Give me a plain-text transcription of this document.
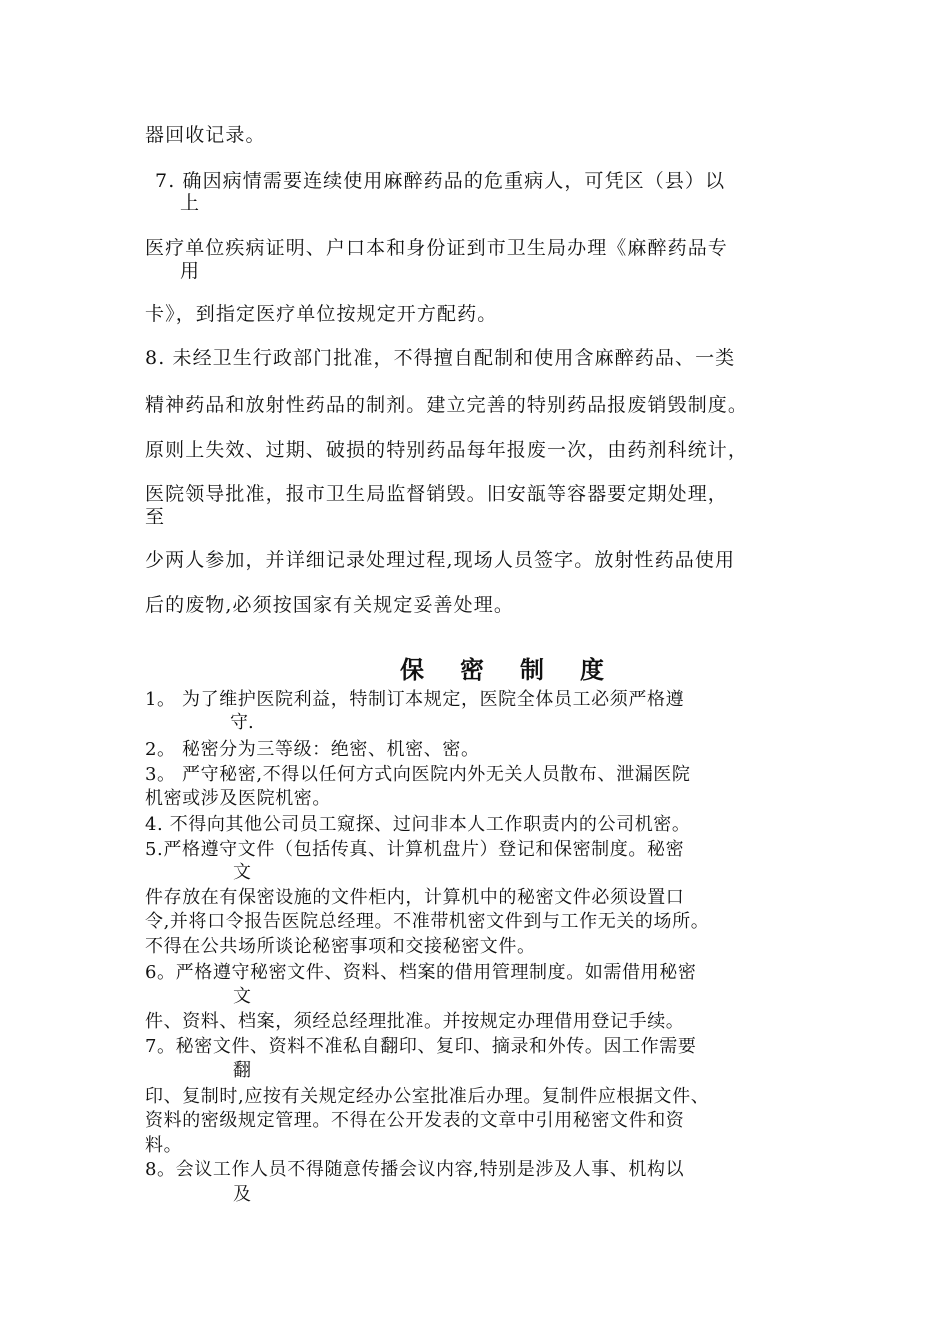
器回收记录。
7. 确因病情需要连续使用麻醉药品的危重病人，可凭区（县）以
上
医疗单位疾病证明、户口本和身份证到市卫生局办理《麻醉药品专
用
卡》，到指定医疗单位按规定开方配药。
8. 未经卫生行政部门批准，不得擅自配制和使用含麻醉药品、一类
精神药品和放射性药品的制剂。建立完善的特别药品报废销毁制度。
原则上失效、过期、破损的特别药品每年报废一次，由药剂科统计，
医院领导批准，报市卫生局监督销毁。旧安瓿等容器要定期处理，
至
少两人参加，并详细记录处理过程,现场人员签字。放射性药品使用
后的废物,必须按国家有关规定妥善处理。
保密制度
1。 为了维护医院利益，特制订本规定，医院全体员工必须严格遵
守.
2。 秘密分为三等级：绝密、机密、密。
3。 严守秘密,不得以任何方式向医院内外无关人员散布、泄漏医院
机密或涉及医院机密。
4. 不得向其他公司员工窥探、过问非本人工作职责内的公司机密。
5.严格遵守文件（包括传真、计算机盘片）登记和保密制度。秘密
文
件存放在有保密设施的文件柜内，计算机中的秘密文件必须设置口
令,并将口令报告医院总经理。不准带机密文件到与工作无关的场所。
不得在公共场所谈论秘密事项和交接秘密文件。
6。严格遵守秘密文件、资料、档案的借用管理制度。如需借用秘密
文
件、资料、档案，须经总经理批准。并按规定办理借用登记手续。
7。秘密文件、资料不准私自翻印、复印、摘录和外传。因工作需要
翻
印、复制时,应按有关规定经办公室批准后办理。复制件应根据文件、
资料的密级规定管理。不得在公开发表的文章中引用秘密文件和资
料。
8。会议工作人员不得随意传播会议内容,特别是涉及人事、机构以
及
